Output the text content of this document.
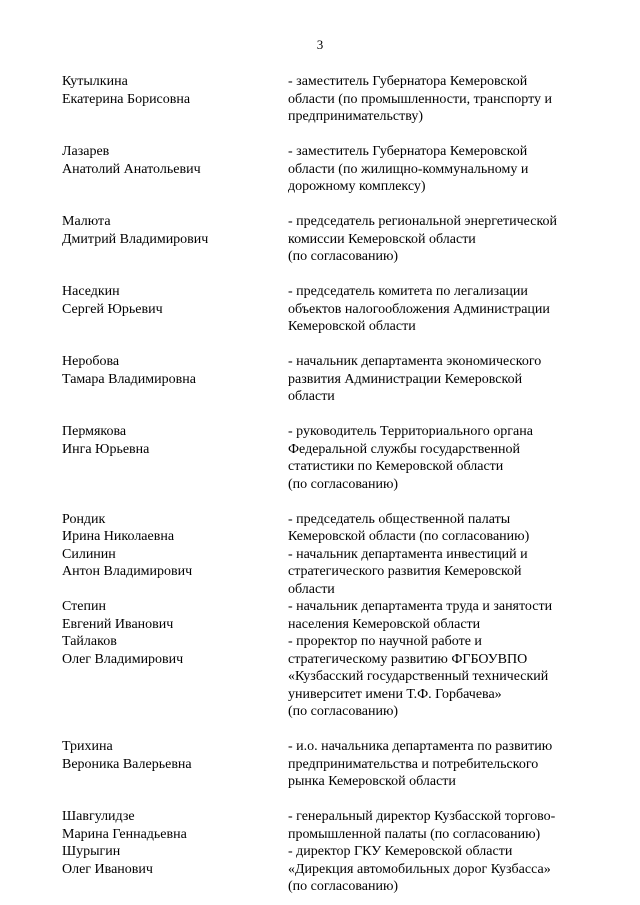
3
Кутылкина
Екатерина Борисовна
- заместитель Губернатора Кемеровской
области (по промышленности, транспорту и
предпринимательству)
Лазарев
Анатолий Анатольевич
- заместитель Губернатора Кемеровской
области (по жилищно-коммунальному и
дорожному комплексу)
Малюта
Дмитрий Владимирович
- председатель региональной энергетической
комиссии Кемеровской области
(по согласованию)
Наседкин
Сергей Юрьевич
- председатель комитета по легализации
объектов налогообложения Администрации
Кемеровской области
Неробова
Тамара Владимировна
- начальник департамента экономического
развития Администрации Кемеровской
области
Пермякова
Инга Юрьевна
- руководитель Территориального органа
Федеральной службы государственной
статистики по Кемеровской области
(по согласованию)
Рондик
Ирина Николаевна
- председатель общественной палаты
Кемеровской области (по согласованию)
Силинин
Антон Владимирович
- начальник департамента инвестиций и
стратегического развития Кемеровской
области
Степин
Евгений Иванович
- начальник департамента труда и занятости
населения Кемеровской области
Тайлаков
Олег Владимирович
- проректор по научной работе и
стратегическому развитию ФГБОУВПО
«Кузбасский государственный технический
университет имени Т.Ф. Горбачева»
(по согласованию)
Трихина
Вероника Валерьевна
- и.о. начальника департамента по развитию
предпринимательства и потребительского
рынка Кемеровской области
Шавгулидзе
Марина Геннадьевна
- генеральный директор Кузбасской торгово-
промышленной палаты (по согласованию)
Шурыгин
Олег Иванович
- директор ГКУ Кемеровской области
«Дирекция автомобильных дорог Кузбасса»
(по согласованию)
